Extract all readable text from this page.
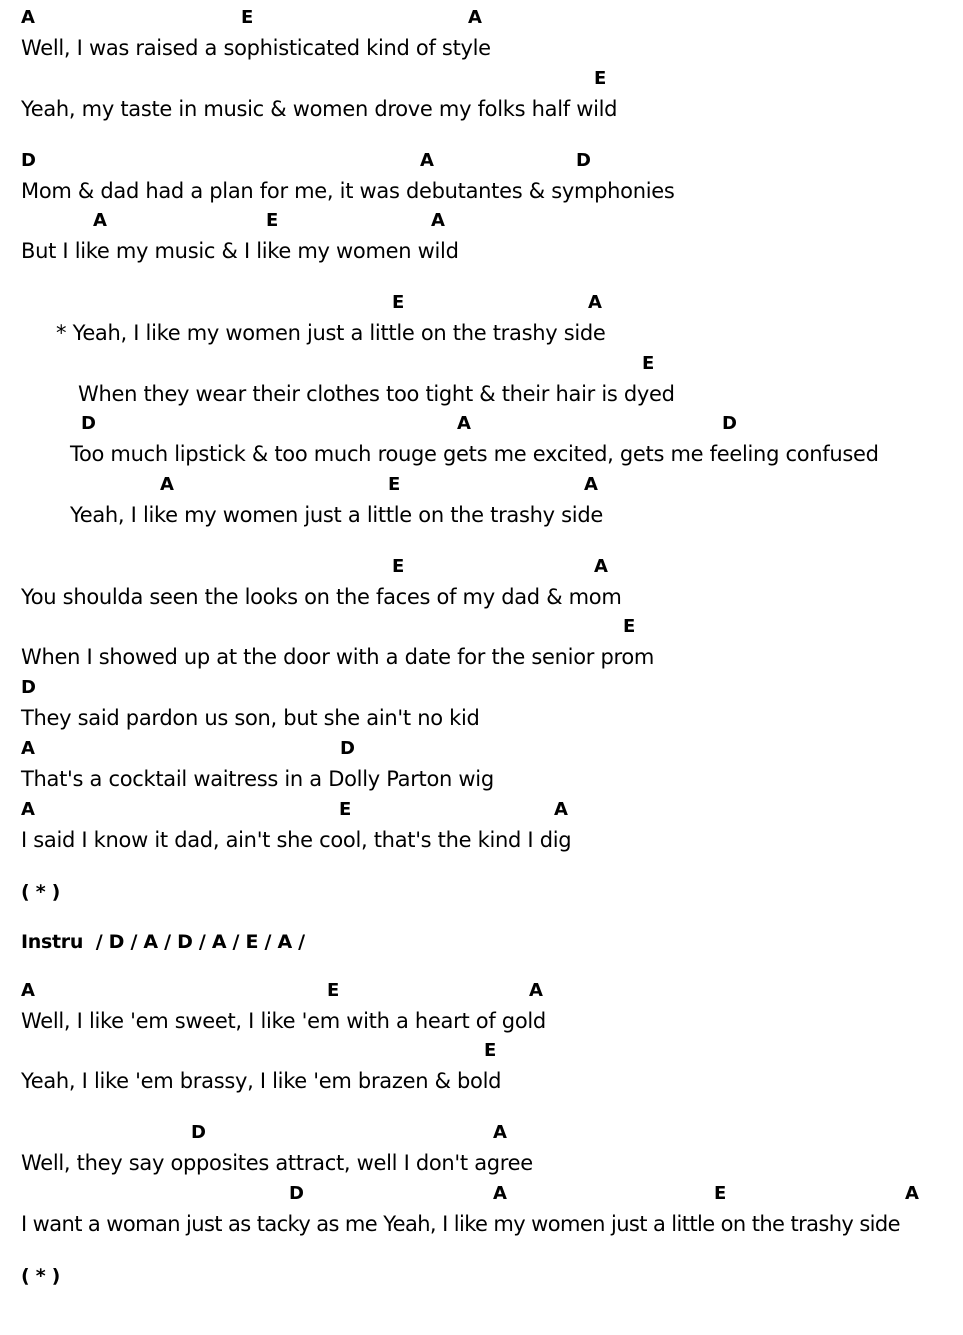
A	E	A
Well, I was raised a sophisticated kind of style
E
Yeah, my taste in music & women drove my folks half wild
D	A	D
Mom & dad had a plan for me, it was debutantes & symphonies
A	E	A
But I like my music & I like my women wild
E	A
* Yeah, I like my women just a little on the trashy side
E
When they wear their clothes too tight & their hair is dyed
D	A	D
Too much lipstick & too much rouge gets me excited, gets me feeling confused
A	E	A
Yeah, I like my women just a little on the trashy side
E	A
You shoulda seen the looks on the faces of my dad & mom
E
When I showed up at the door with a date for the senior prom
D
They said pardon us son, but she ain't no kid
A	D
That's a cocktail waitress in a Dolly Parton wig
A	E	A
I said I know it dad, ain't she cool, that's the kind I dig
( * )
Instru  / D / A / D / A / E / A /
A	E	A
Well, I like 'em sweet, I like 'em with a heart of gold
E
Yeah, I like 'em brassy, I like 'em brazen & bold
D	A
Well, they say opposites attract, well I don't agree
D	A	E	A
I want a woman just as tacky as me Yeah, I like my women just a little on the trashy side
( * )
